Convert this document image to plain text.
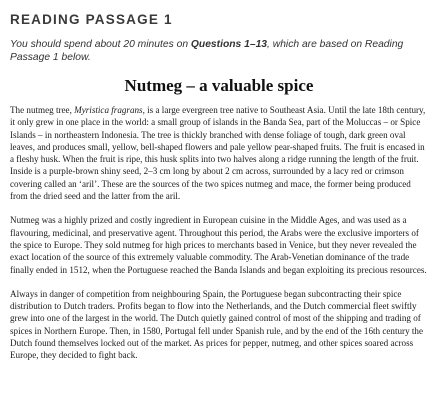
READING PASSAGE 1
You should spend about 20 minutes on Questions 1–13, which are based on Reading Passage 1 below.
Nutmeg – a valuable spice
The nutmeg tree, Myristica fragrans, is a large evergreen tree native to Southeast Asia. Until the late 18th century, it only grew in one place in the world: a small group of islands in the Banda Sea, part of the Moluccas – or Spice Islands – in northeastern Indonesia. The tree is thickly branched with dense foliage of tough, dark green oval leaves, and produces small, yellow, bell-shaped flowers and pale yellow pear-shaped fruits. The fruit is encased in a fleshy husk. When the fruit is ripe, this husk splits into two halves along a ridge running the length of the fruit. Inside is a purple-brown shiny seed, 2–3 cm long by about 2 cm across, surrounded by a lacy red or crimson covering called an ‘aril’. These are the sources of the two spices nutmeg and mace, the former being produced from the dried seed and the latter from the aril.
Nutmeg was a highly prized and costly ingredient in European cuisine in the Middle Ages, and was used as a flavouring, medicinal, and preservative agent. Throughout this period, the Arabs were the exclusive importers of the spice to Europe. They sold nutmeg for high prices to merchants based in Venice, but they never revealed the exact location of the source of this extremely valuable commodity. The Arab-Venetian dominance of the trade finally ended in 1512, when the Portuguese reached the Banda Islands and began exploiting its precious resources.
Always in danger of competition from neighbouring Spain, the Portuguese began subcontracting their spice distribution to Dutch traders. Profits began to flow into the Netherlands, and the Dutch commercial fleet swiftly grew into one of the largest in the world. The Dutch quietly gained control of most of the shipping and trading of spices in Northern Europe. Then, in 1580, Portugal fell under Spanish rule, and by the end of the 16th century the Dutch found themselves locked out of the market. As prices for pepper, nutmeg, and other spices soared across Europe, they decided to fight back.
